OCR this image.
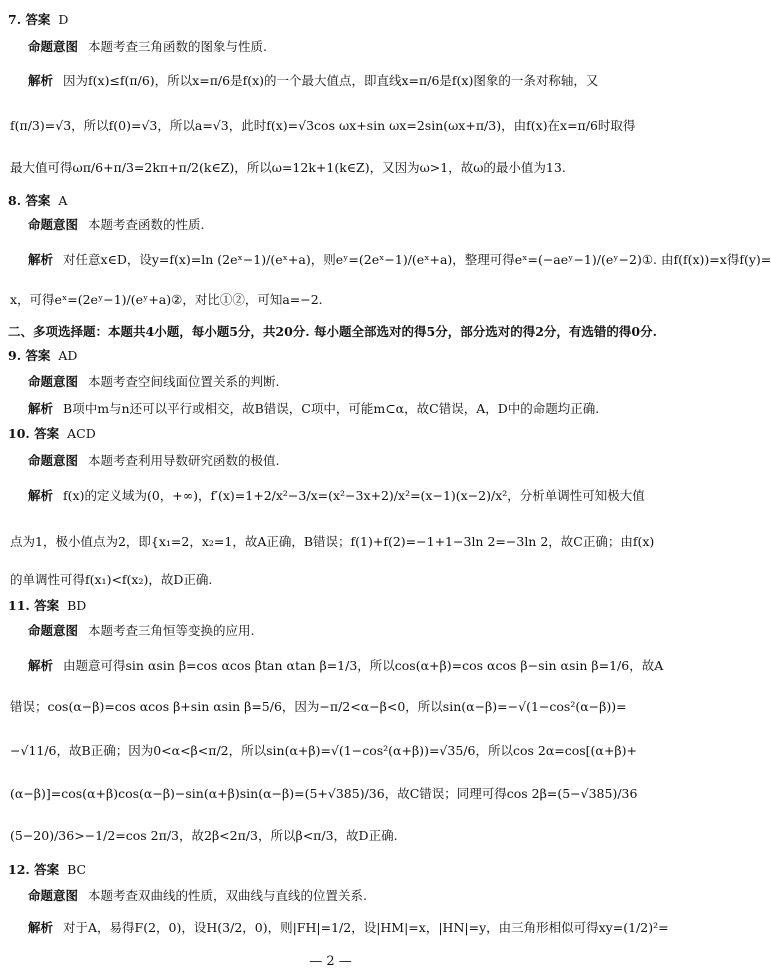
7. 答案 D
命题意图 本题考查三角函数的图象与性质.
解析 因为f(x)≤f(π/6)，所以x=π/6是f(x)的一个最大值点，即直线x=π/6是f(x)图象的一条对称轴，又
f(π/3)=√3，所以f(0)=√3，所以a=√3，此时f(x)=√3cos ωx+sin ωx=2sin(ωx+π/3)，由f(x)在x=π/6时取得
最大值可得ωπ/6+π/3=2kπ+π/2(k∈Z)，所以ω=12k+1(k∈Z)，又因为ω>1，故ω的最小值为13.
8. 答案 A
命题意图 本题考查函数的性质.
解析 对任意x∈D，设y=f(x)=ln (2eˣ−1)/(eˣ+a)，则eʸ=(2eˣ−1)/(eˣ+a)，整理可得eˣ=(−aeʸ−1)/(eʸ−2)①. 由f(f(x))=x得f(y)=
x，可得eˣ=(2eʸ−1)/(eʸ+a)②，对比①②，可知a=−2.
二、多项选择题：本题共4小题，每小题5分，共20分. 每小题全部选对的得5分，部分选对的得2分，有选错的得0分.
9. 答案 AD
命题意图 本题考查空间线面位置关系的判断.
解析 B项中m与n还可以平行或相交，故B错误，C项中，可能m⊂α，故C错误，A，D中的命题均正确.
10. 答案 ACD
命题意图 本题考查利用导数研究函数的极值.
解析 f(x)的定义域为(0，+∞)，f′(x)=1+2/x²−3/x=(x²−3x+2)/x²=(x−1)(x−2)/x²，分析单调性可知极大值
点为1，极小值点为2，即{x₁=2，x₂=1，故A正确，B错误；f(1)+f(2)=−1+1−3ln 2=−3ln 2，故C正确；由f(x)
的单调性可得f(x₁)<f(x₂)，故D正确.
11. 答案 BD
命题意图 本题考查三角恒等变换的应用.
解析 由题意可得sin αsin β=cos αcos βtan αtan β=1/3，所以cos(α+β)=cos αcos β−sin αsin β=1/6，故A
错误；cos(α−β)=cos αcos β+sin αsin β=5/6，因为−π/2<α−β<0，所以sin(α−β)=−√(1−cos²(α−β))=
−√11/6，故B正确；因为0<α<β<π/2，所以sin(α+β)=√(1−cos²(α+β))=√35/6，所以cos 2α=cos[(α+β)+
(α−β)]=cos(α+β)cos(α−β)−sin(α+β)sin(α−β)=(5+√385)/36，故C错误；同理可得cos 2β=(5−√385)/36
(5−20)/36>−1/2=cos 2π/3，故2β<2π/3，所以β<π/3，故D正确.
12. 答案 BC
命题意图 本题考查双曲线的性质，双曲线与直线的位置关系.
解析 对于A，易得F(2，0)，设H(3/2，0)，则|FH|=1/2，设|HM|=x，|HN|=y，由三角形相似可得xy=(1/2)²=
— 2 —
